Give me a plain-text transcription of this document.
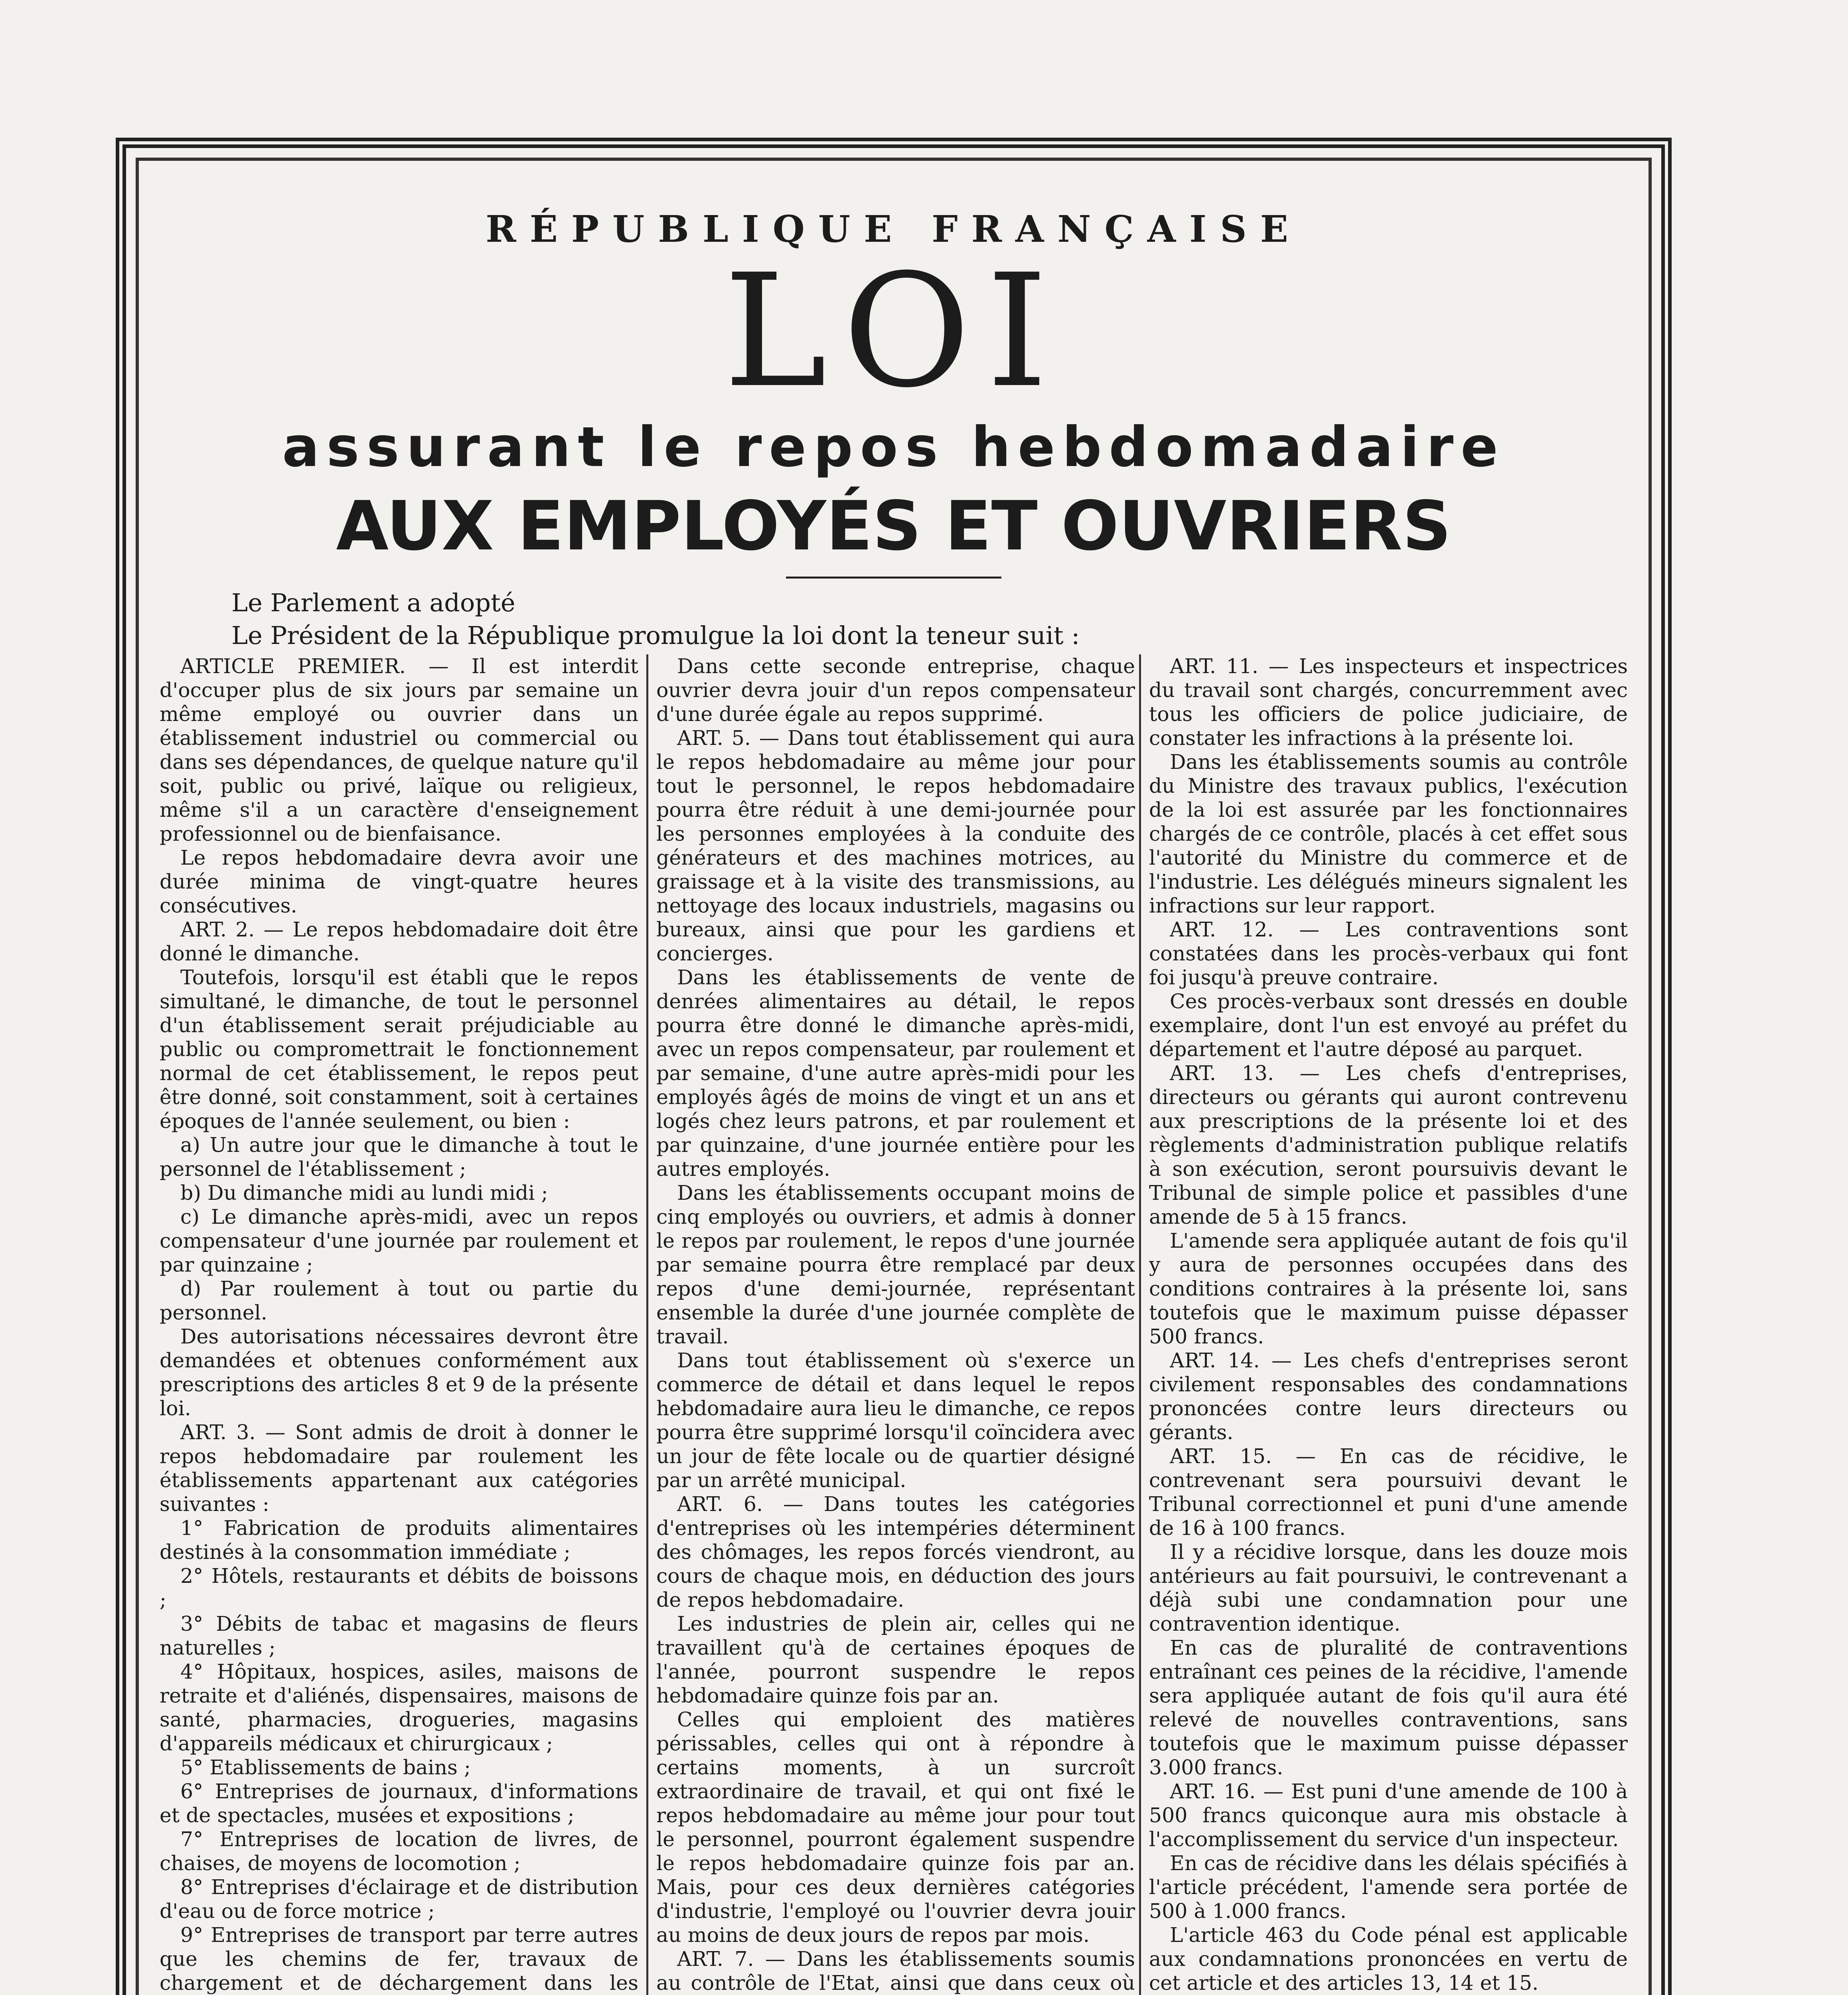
RÉPUBLIQUE FRANÇAISE
LOI
assurant le repos hebdomadaire
AUX EMPLOYÉS ET OUVRIERS
Le Parlement a adopté
Le Président de la République promulgue la loi dont la teneur suit :

ARTICLE PREMIER. — Il est interdit d'occuper plus de six jours par semaine un même employé ou ouvrier dans un établissement industriel ou commercial ou dans ses dépendances, de quelque nature qu'il soit, public ou privé, laïque ou religieux, même s'il a un caractère d'enseignement professionnel ou de bienfaisance.

Le repos hebdomadaire devra avoir une durée minima de vingt-quatre heures consécutives.

ART. 2. — Le repos hebdomadaire doit être donné le dimanche.

Toutefois, lorsqu'il est établi que le repos simultané, le dimanche, de tout le personnel d'un établissement serait préjudiciable au public ou compromettrait le fonctionnement normal de cet établissement, le repos peut être donné, soit constamment, soit à certaines époques de l'année seulement, ou bien :

a) Un autre jour que le dimanche à tout le personnel de l'établissement ;

b) Du dimanche midi au lundi midi ;

c) Le dimanche après-midi, avec un repos compensateur d'une journée par roulement et par quinzaine ;

d) Par roulement à tout ou partie du personnel.

Des autorisations nécessaires devront être demandées et obtenues conformément aux prescriptions des articles 8 et 9 de la présente loi.

ART. 3. — Sont admis de droit à donner le repos hebdomadaire par roulement les établissements appartenant aux catégories suivantes :

1° Fabrication de produits alimentaires destinés à la consommation immédiate ;

2° Hôtels, restaurants et débits de boissons ;

3° Débits de tabac et magasins de fleurs naturelles ;

4° Hôpitaux, hospices, asiles, maisons de retraite et d'aliénés, dispensaires, maisons de santé, pharmacies, drogueries, magasins d'appareils médicaux et chirurgicaux ;

5° Etablissements de bains ;

6° Entreprises de journaux, d'informations et de spectacles, musées et expositions ;

7° Entreprises de location de livres, de chaises, de moyens de locomotion ;

8° Entreprises d'éclairage et de distribution d'eau ou de force motrice ;

9° Entreprises de transport par terre autres que les chemins de fer, travaux de chargement et de déchargement dans les

Dans cette seconde entreprise, chaque ouvrier devra jouir d'un repos compensateur d'une durée égale au repos supprimé.

ART. 5. — Dans tout établissement qui aura le repos hebdomadaire au même jour pour tout le personnel, le repos hebdomadaire pourra être réduit à une demi-journée pour les personnes employées à la conduite des générateurs et des machines motrices, au graissage et à la visite des transmissions, au nettoyage des locaux industriels, magasins ou bureaux, ainsi que pour les gardiens et concierges.

Dans les établissements de vente de denrées alimentaires au détail, le repos pourra être donné le dimanche après-midi, avec un repos compensateur, par roulement et par semaine, d'une autre après-midi pour les employés âgés de moins de vingt et un ans et logés chez leurs patrons, et par roulement et par quinzaine, d'une journée entière pour les autres employés.

Dans les établissements occupant moins de cinq employés ou ouvriers, et admis à donner le repos par roulement, le repos d'une journée par semaine pourra être remplacé par deux repos d'une demi-journée, représentant ensemble la durée d'une journée complète de travail.

Dans tout établissement où s'exerce un commerce de détail et dans lequel le repos hebdomadaire aura lieu le dimanche, ce repos pourra être supprimé lorsqu'il coïncidera avec un jour de fête locale ou de quartier désigné par un arrêté municipal.

ART. 6. — Dans toutes les catégories d'entreprises où les intempéries déterminent des chômages, les repos forcés viendront, au cours de chaque mois, en déduction des jours de repos hebdomadaire.

Les industries de plein air, celles qui ne travaillent qu'à de certaines époques de l'année, pourront suspendre le repos hebdomadaire quinze fois par an.

Celles qui emploient des matières périssables, celles qui ont à répondre à certains moments, à un surcroît extraordinaire de travail, et qui ont fixé le repos hebdomadaire au même jour pour tout le personnel, pourront également suspendre le repos hebdomadaire quinze fois par an. Mais, pour ces deux dernières catégories d'industrie, l'employé ou l'ouvrier devra jouir au moins de deux jours de repos par mois.

ART. 7. — Dans les établissements soumis au contrôle de l'Etat, ainsi que dans ceux où

ART. 11. — Les inspecteurs et inspectrices du travail sont chargés, concurremment avec tous les officiers de police judiciaire, de constater les infractions à la présente loi.

Dans les établissements soumis au contrôle du Ministre des travaux publics, l'exécution de la loi est assurée par les fonctionnaires chargés de ce contrôle, placés à cet effet sous l'autorité du Ministre du commerce et de l'industrie. Les délégués mineurs signalent les infractions sur leur rapport.

ART. 12. — Les contraventions sont constatées dans les procès-verbaux qui font foi jusqu'à preuve contraire.

Ces procès-verbaux sont dressés en double exemplaire, dont l'un est envoyé au préfet du département et l'autre déposé au parquet.

ART. 13. — Les chefs d'entreprises, directeurs ou gérants qui auront contrevenu aux prescriptions de la présente loi et des règlements d'administration publique relatifs à son exécution, seront poursuivis devant le Tribunal de simple police et passibles d'une amende de 5 à 15 francs.

L'amende sera appliquée autant de fois qu'il y aura de personnes occupées dans des conditions contraires à la présente loi, sans toutefois que le maximum puisse dépasser 500 francs.

ART. 14. — Les chefs d'entreprises seront civilement responsables des condamnations prononcées contre leurs directeurs ou gérants.

ART. 15. — En cas de récidive, le contrevenant sera poursuivi devant le Tribunal correctionnel et puni d'une amende de 16 à 100 francs.

Il y a récidive lorsque, dans les douze mois antérieurs au fait poursuivi, le contrevenant a déjà subi une condamnation pour une contravention identique.

En cas de pluralité de contraventions entraînant ces peines de la récidive, l'amende sera appliquée autant de fois qu'il aura été relevé de nouvelles contraventions, sans toutefois que le maximum puisse dépasser 3.000 francs.

ART. 16. — Est puni d'une amende de 100 à 500 francs quiconque aura mis obstacle à l'accomplissement du service d'un inspecteur.

En cas de récidive dans les délais spécifiés à l'article précédent, l'amende sera portée de 500 à 1.000 francs.

L'article 463 du Code pénal est applicable aux condamnations prononcées en vertu de cet article et des articles 13, 14 et 15.
